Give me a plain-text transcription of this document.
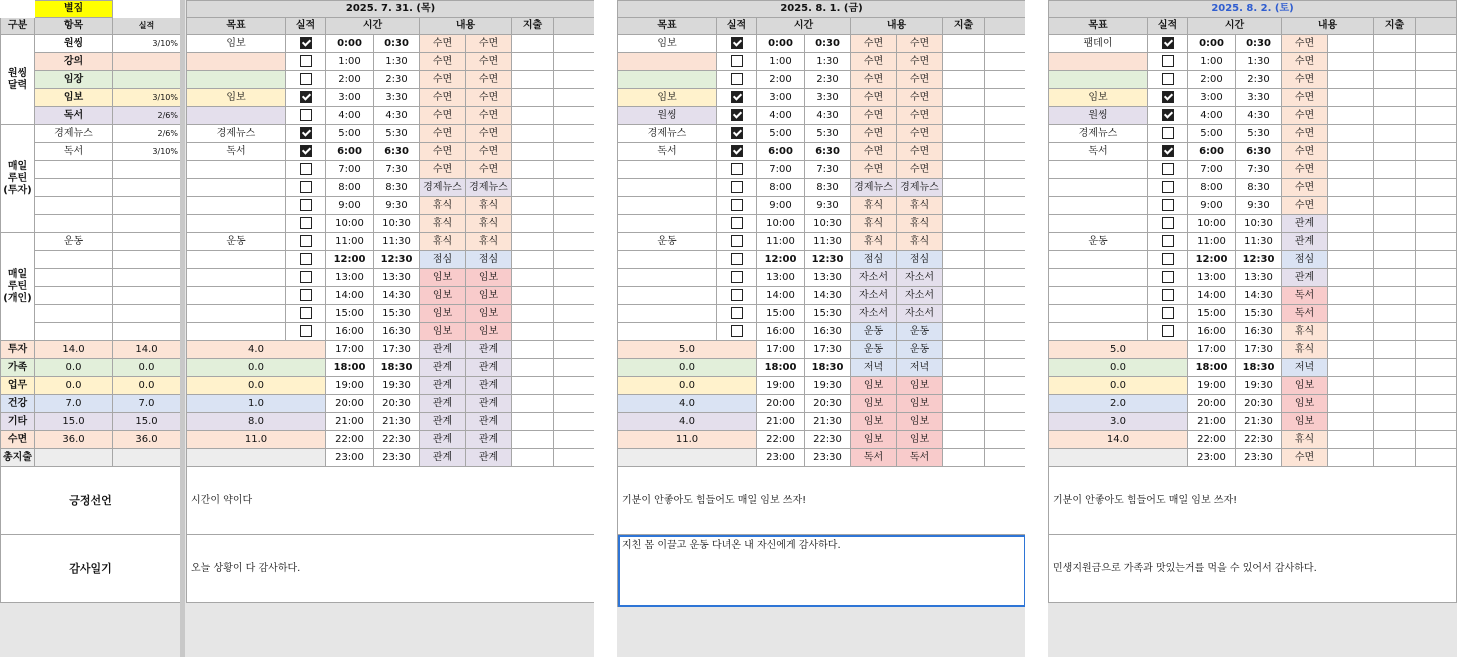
	별짐	
구분	항목	실적
원씽
달력	원씽	3/10%
	강의	
	임장	
	임보	3/10%
	독서	2/6%
매일
루틴
(투자)	경제뉴스	2/6%
	독서	3/10%

매일
루틴
(개인)	운동	

투자	14.0	14.0
가족	0.0	0.0
업무	0.0	0.0
건강	7.0	7.0
기타	15.0	15.0
수면	36.0	36.0
총지출		
긍정선언		
감사일기		
2025. 7. 31. (목)							
목표	실적	시간		내용		지출	
임보		0:00	0:30	수면	수면		
		1:00	1:30	수면	수면		
		2:00	2:30	수면	수면		
임보		3:00	3:30	수면	수면		
		4:00	4:30	수면	수면		
경제뉴스		5:00	5:30	수면	수면		
독서		6:00	6:30	수면	수면		
		7:00	7:30	수면	수면		
		8:00	8:30	경제뉴스	경제뉴스		
		9:00	9:30	휴식	휴식		
		10:00	10:30	휴식	휴식		
운동		11:00	11:30	휴식	휴식		
		12:00	12:30	점심	점심		
		13:00	13:30	임보	임보		
		14:00	14:30	임보	임보		
		15:00	15:30	임보	임보		
		16:00	16:30	임보	임보		
4.0		17:00	17:30	관계	관계		
0.0		18:00	18:30	관계	관계		
0.0		19:00	19:30	관계	관계		
1.0		20:00	20:30	관계	관계		
8.0		21:00	21:30	관계	관계		
11.0		22:00	22:30	관계	관계		
		23:00	23:30	관계	관계		
시간이 약이다							
오늘 상황이 다 감사하다.							
2025. 8. 1. (금)							
목표	실적	시간		내용		지출	
임보		0:00	0:30	수면	수면		
		1:00	1:30	수면	수면		
		2:00	2:30	수면	수면		
임보		3:00	3:30	수면	수면		
원씽		4:00	4:30	수면	수면		
경제뉴스		5:00	5:30	수면	수면		
독서		6:00	6:30	수면	수면		
		7:00	7:30	수면	수면		
		8:00	8:30	경제뉴스	경제뉴스		
		9:00	9:30	휴식	휴식		
		10:00	10:30	휴식	휴식		
운동		11:00	11:30	휴식	휴식		
		12:00	12:30	점심	점심		
		13:00	13:30	자소서	자소서		
		14:00	14:30	자소서	자소서		
		15:00	15:30	자소서	자소서		
		16:00	16:30	운동	운동		
5.0		17:00	17:30	운동	운동		
0.0		18:00	18:30	저녁	저녁		
0.0		19:00	19:30	임보	임보		
4.0		20:00	20:30	임보	임보		
4.0		21:00	21:30	임보	임보		
11.0		22:00	22:30	임보	임보		
		23:00	23:30	독서	독서		
기분이 안좋아도 힘들어도 매일 임보 쓰자!							
지친 몸 이끌고 운동 다녀온 내 자신에게 감사하다.							
2025. 8. 2. (토)							
목표	실적	시간		내용		지출	
팸데이		0:00	0:30	수면			
		1:00	1:30	수면			
		2:00	2:30	수면			
임보		3:00	3:30	수면			
원씽		4:00	4:30	수면			
경제뉴스		5:00	5:30	수면			
독서		6:00	6:30	수면			
		7:00	7:30	수면			
		8:00	8:30	수면			
		9:00	9:30	수면			
		10:00	10:30	관계			
운동		11:00	11:30	관계			
		12:00	12:30	점심			
		13:00	13:30	관계			
		14:00	14:30	독서			
		15:00	15:30	독서			
		16:00	16:30	휴식			
5.0		17:00	17:30	휴식			
0.0		18:00	18:30	저녁			
0.0		19:00	19:30	임보			
2.0		20:00	20:30	임보			
3.0		21:00	21:30	임보			
14.0		22:00	22:30	휴식			
		23:00	23:30	수면			
기분이 안좋아도 힘들어도 매일 임보 쓰자!							
민생지원금으로 가족과 맛있는거를 먹을 수 있어서 감사하다.							
